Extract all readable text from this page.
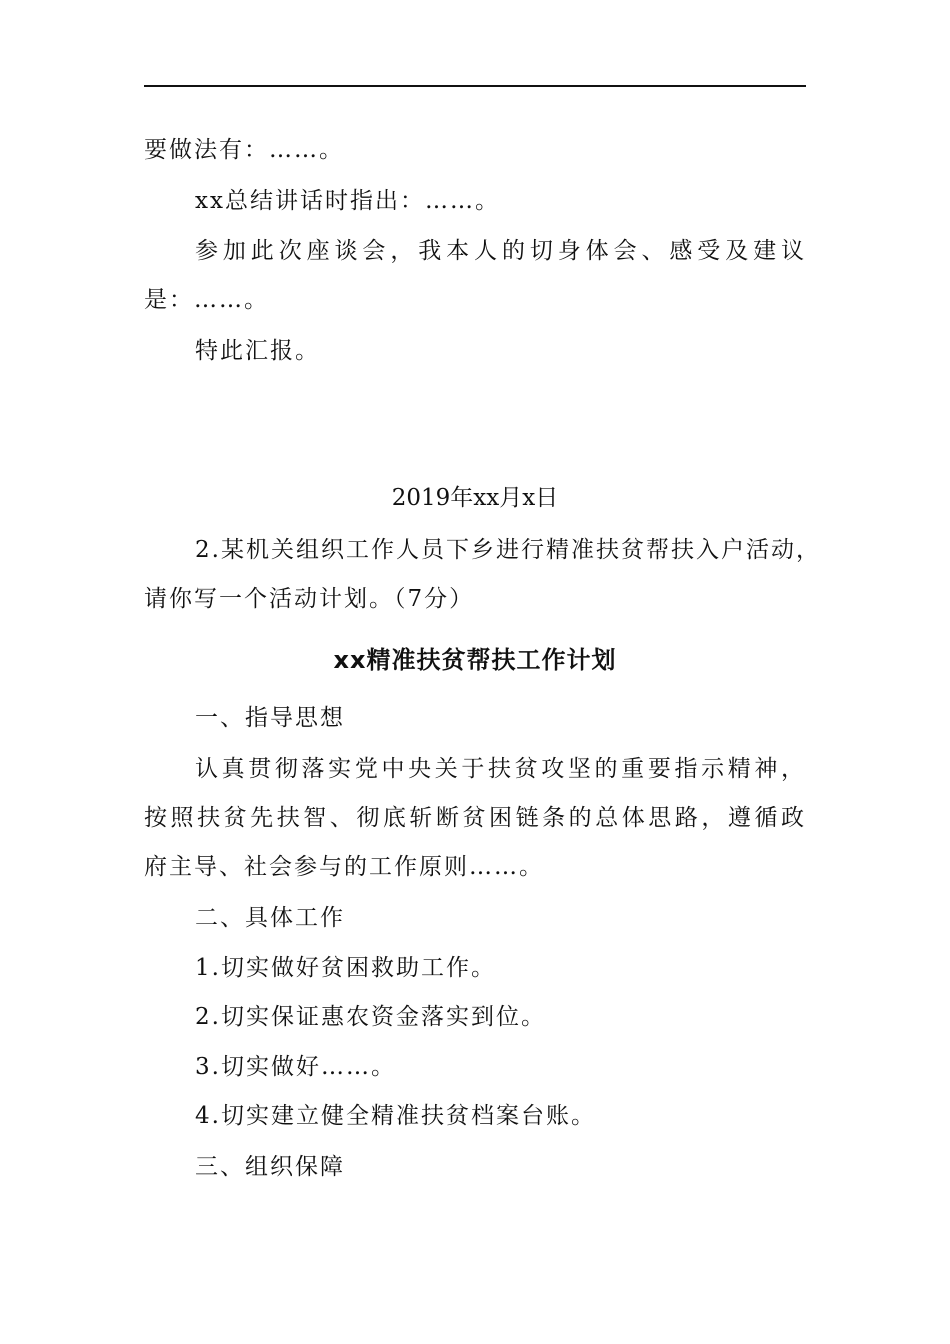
要做法有：……。
xx总结讲话时指出：……。
参加此次座谈会，我本人的切身体会、感受及建议
是：……。
特此汇报。
2019年xx月x日
2.某机关组织工作人员下乡进行精准扶贫帮扶入户活动，
请你写一个活动计划。（7分）
xx精准扶贫帮扶工作计划
一、指导思想
认真贯彻落实党中央关于扶贫攻坚的重要指示精神，
按照扶贫先扶智、彻底斩断贫困链条的总体思路，遵循政
府主导、社会参与的工作原则……。
二、具体工作
1.切实做好贫困救助工作。
2.切实保证惠农资金落实到位。
3.切实做好……。
4.切实建立健全精准扶贫档案台账。
三、组织保障
